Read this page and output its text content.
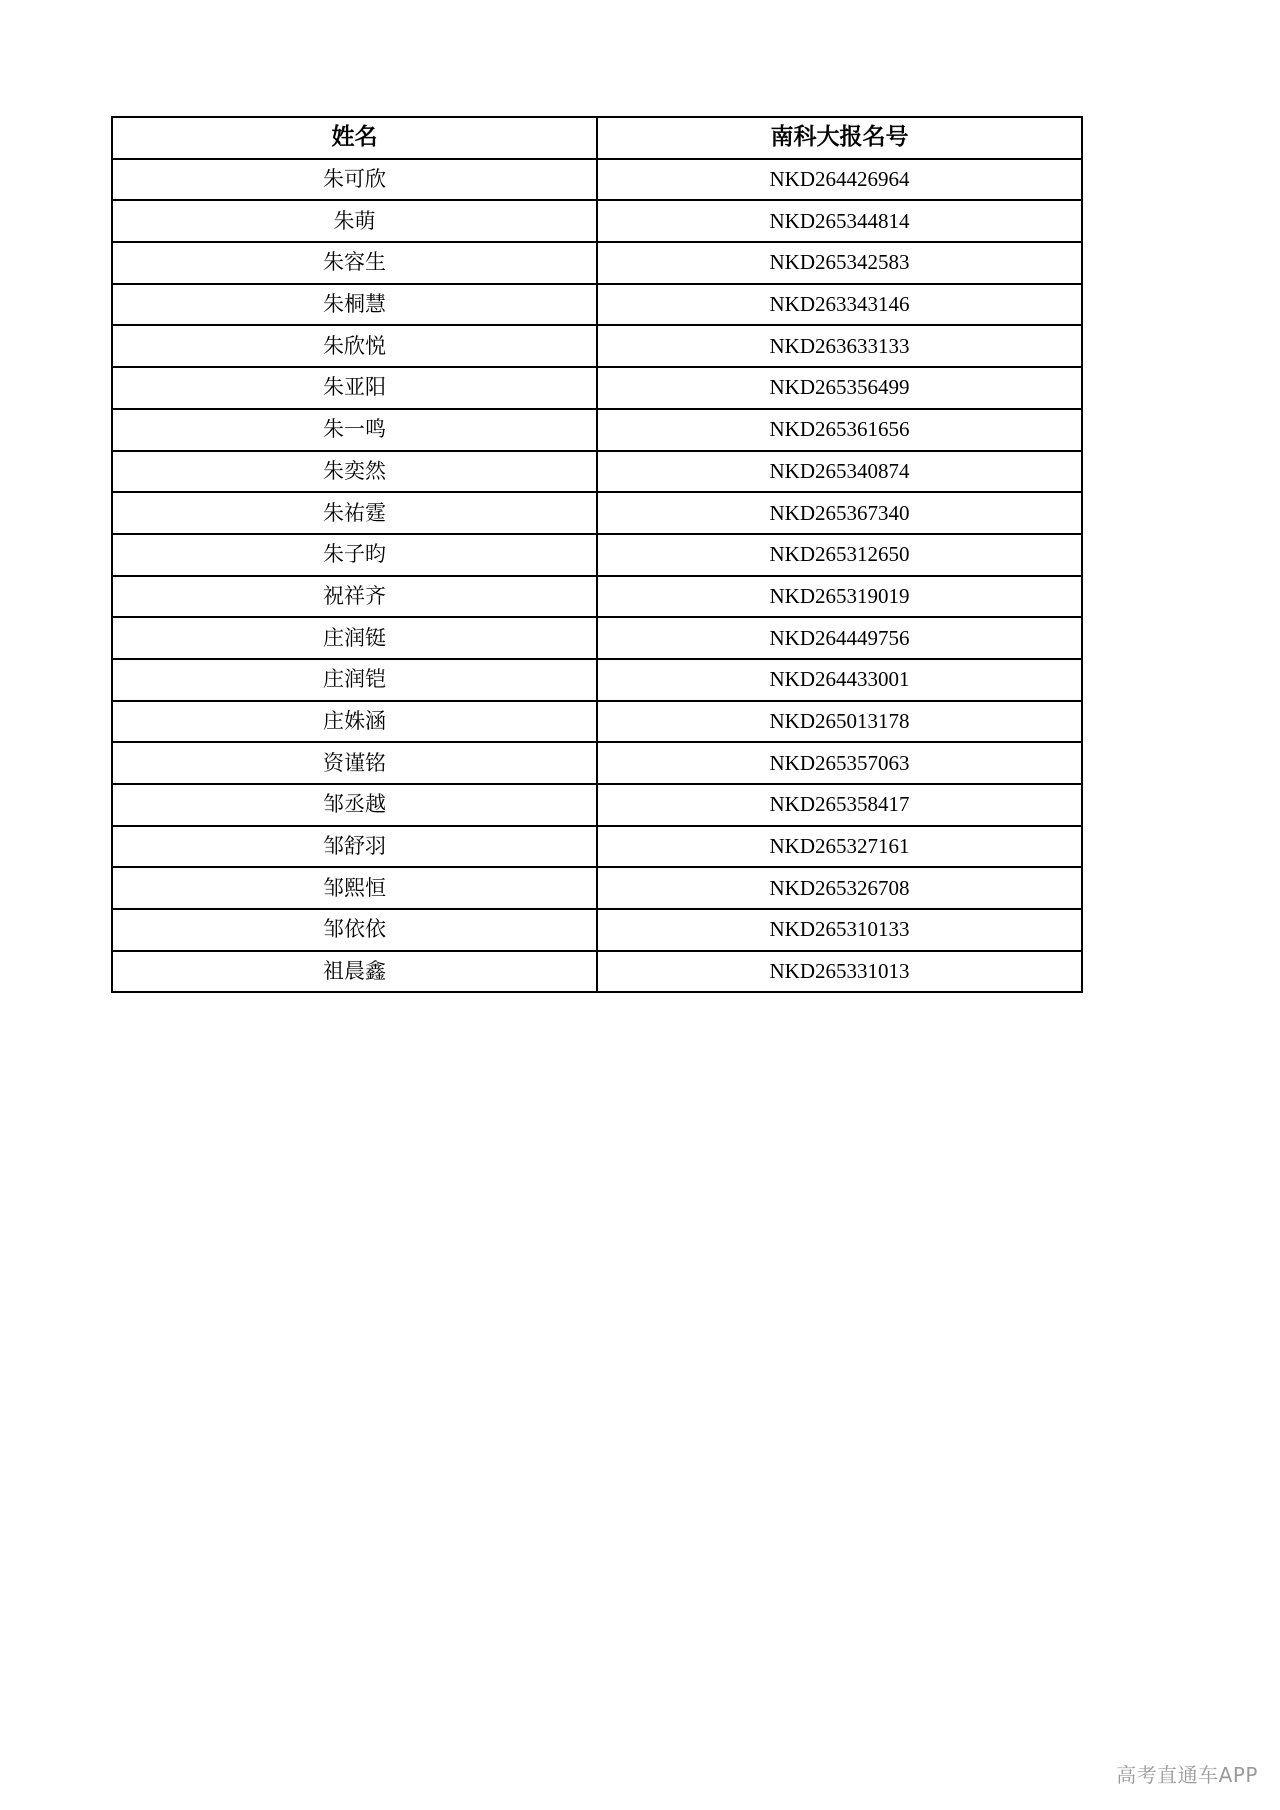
姓名	南科大报名号
朱可欣	NKD264426964
朱萌	NKD265344814
朱容生	NKD265342583
朱桐慧	NKD263343146
朱欣悦	NKD263633133
朱亚阳	NKD265356499
朱一鸣	NKD265361656
朱奕然	NKD265340874
朱祐霆	NKD265367340
朱子昀	NKD265312650
祝祥齐	NKD265319019
庄润铤	NKD264449756
庄润铠	NKD264433001
庄姝涵	NKD265013178
资谨铭	NKD265357063
邹丞越	NKD265358417
邹舒羽	NKD265327161
邹熙恒	NKD265326708
邹依依	NKD265310133
祖晨鑫	NKD265331013
高考直通车APP
